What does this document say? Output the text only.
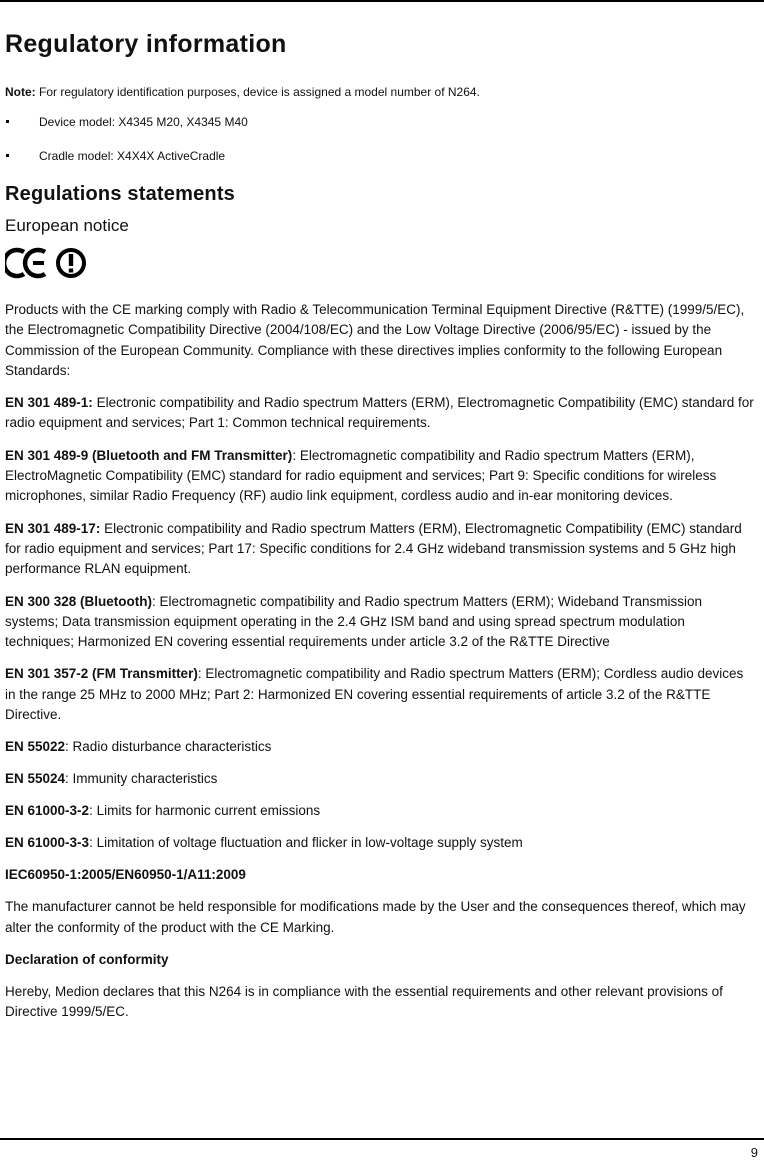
Regulatory information

Note: For regulatory identification purposes, device is assigned a model number of N264.

Device model: X4345 M20, X4345 M40
Cradle model: X4X4X ActiveCradle
Regulations statements
European notice

Products with the CE marking comply with Radio & Telecommunication Terminal Equipment Directive (R&TTE) (1999/5/EC), the Electromagnetic Compatibility Directive (2004/108/EC) and the Low Voltage Directive (2006/95/EC) - issued by the Commission of the European Community. Compliance with these directives implies conformity to the following European Standards:

EN 301 489-1: Electronic compatibility and Radio spectrum Matters (ERM), Electromagnetic Compatibility (EMC) standard for radio equipment and services; Part 1: Common technical requirements.

EN 301 489-9 (Bluetooth and FM Transmitter): Electromagnetic compatibility and Radio spectrum Matters (ERM), ElectroMagnetic Compatibility (EMC) standard for radio equipment and services; Part 9: Specific conditions for wireless microphones, similar Radio Frequency (RF) audio link equipment, cordless audio and in-ear monitoring devices.

EN 301 489-17: Electronic compatibility and Radio spectrum Matters (ERM), Electromagnetic Compatibility (EMC) standard for radio equipment and services; Part 17: Specific conditions for 2.4 GHz wideband transmission systems and 5 GHz high performance RLAN equipment.

EN 300 328 (Bluetooth): Electromagnetic compatibility and Radio spectrum Matters (ERM); Wideband Transmission systems; Data transmission equipment operating in the 2.4 GHz ISM band and using spread spectrum modulation techniques; Harmonized EN covering essential requirements under article 3.2 of the R&TTE Directive

EN 301 357-2 (FM Transmitter): Electromagnetic compatibility and Radio spectrum Matters (ERM); Cordless audio devices in the range 25 MHz to 2000 MHz; Part 2: Harmonized EN covering essential requirements of article 3.2 of the R&TTE Directive.

EN 55022: Radio disturbance characteristics

EN 55024: Immunity characteristics

EN 61000-3-2: Limits for harmonic current emissions

EN 61000-3-3: Limitation of voltage fluctuation and flicker in low-voltage supply system

IEC60950-1:2005/EN60950-1/A11:2009

The manufacturer cannot be held responsible for modifications made by the User and the consequences thereof, which may alter the conformity of the product with the CE Marking.

Declaration of conformity

Hereby, Medion declares that this N264 is in compliance with the essential requirements and other relevant provisions of Directive 1999/5/EC.

9
